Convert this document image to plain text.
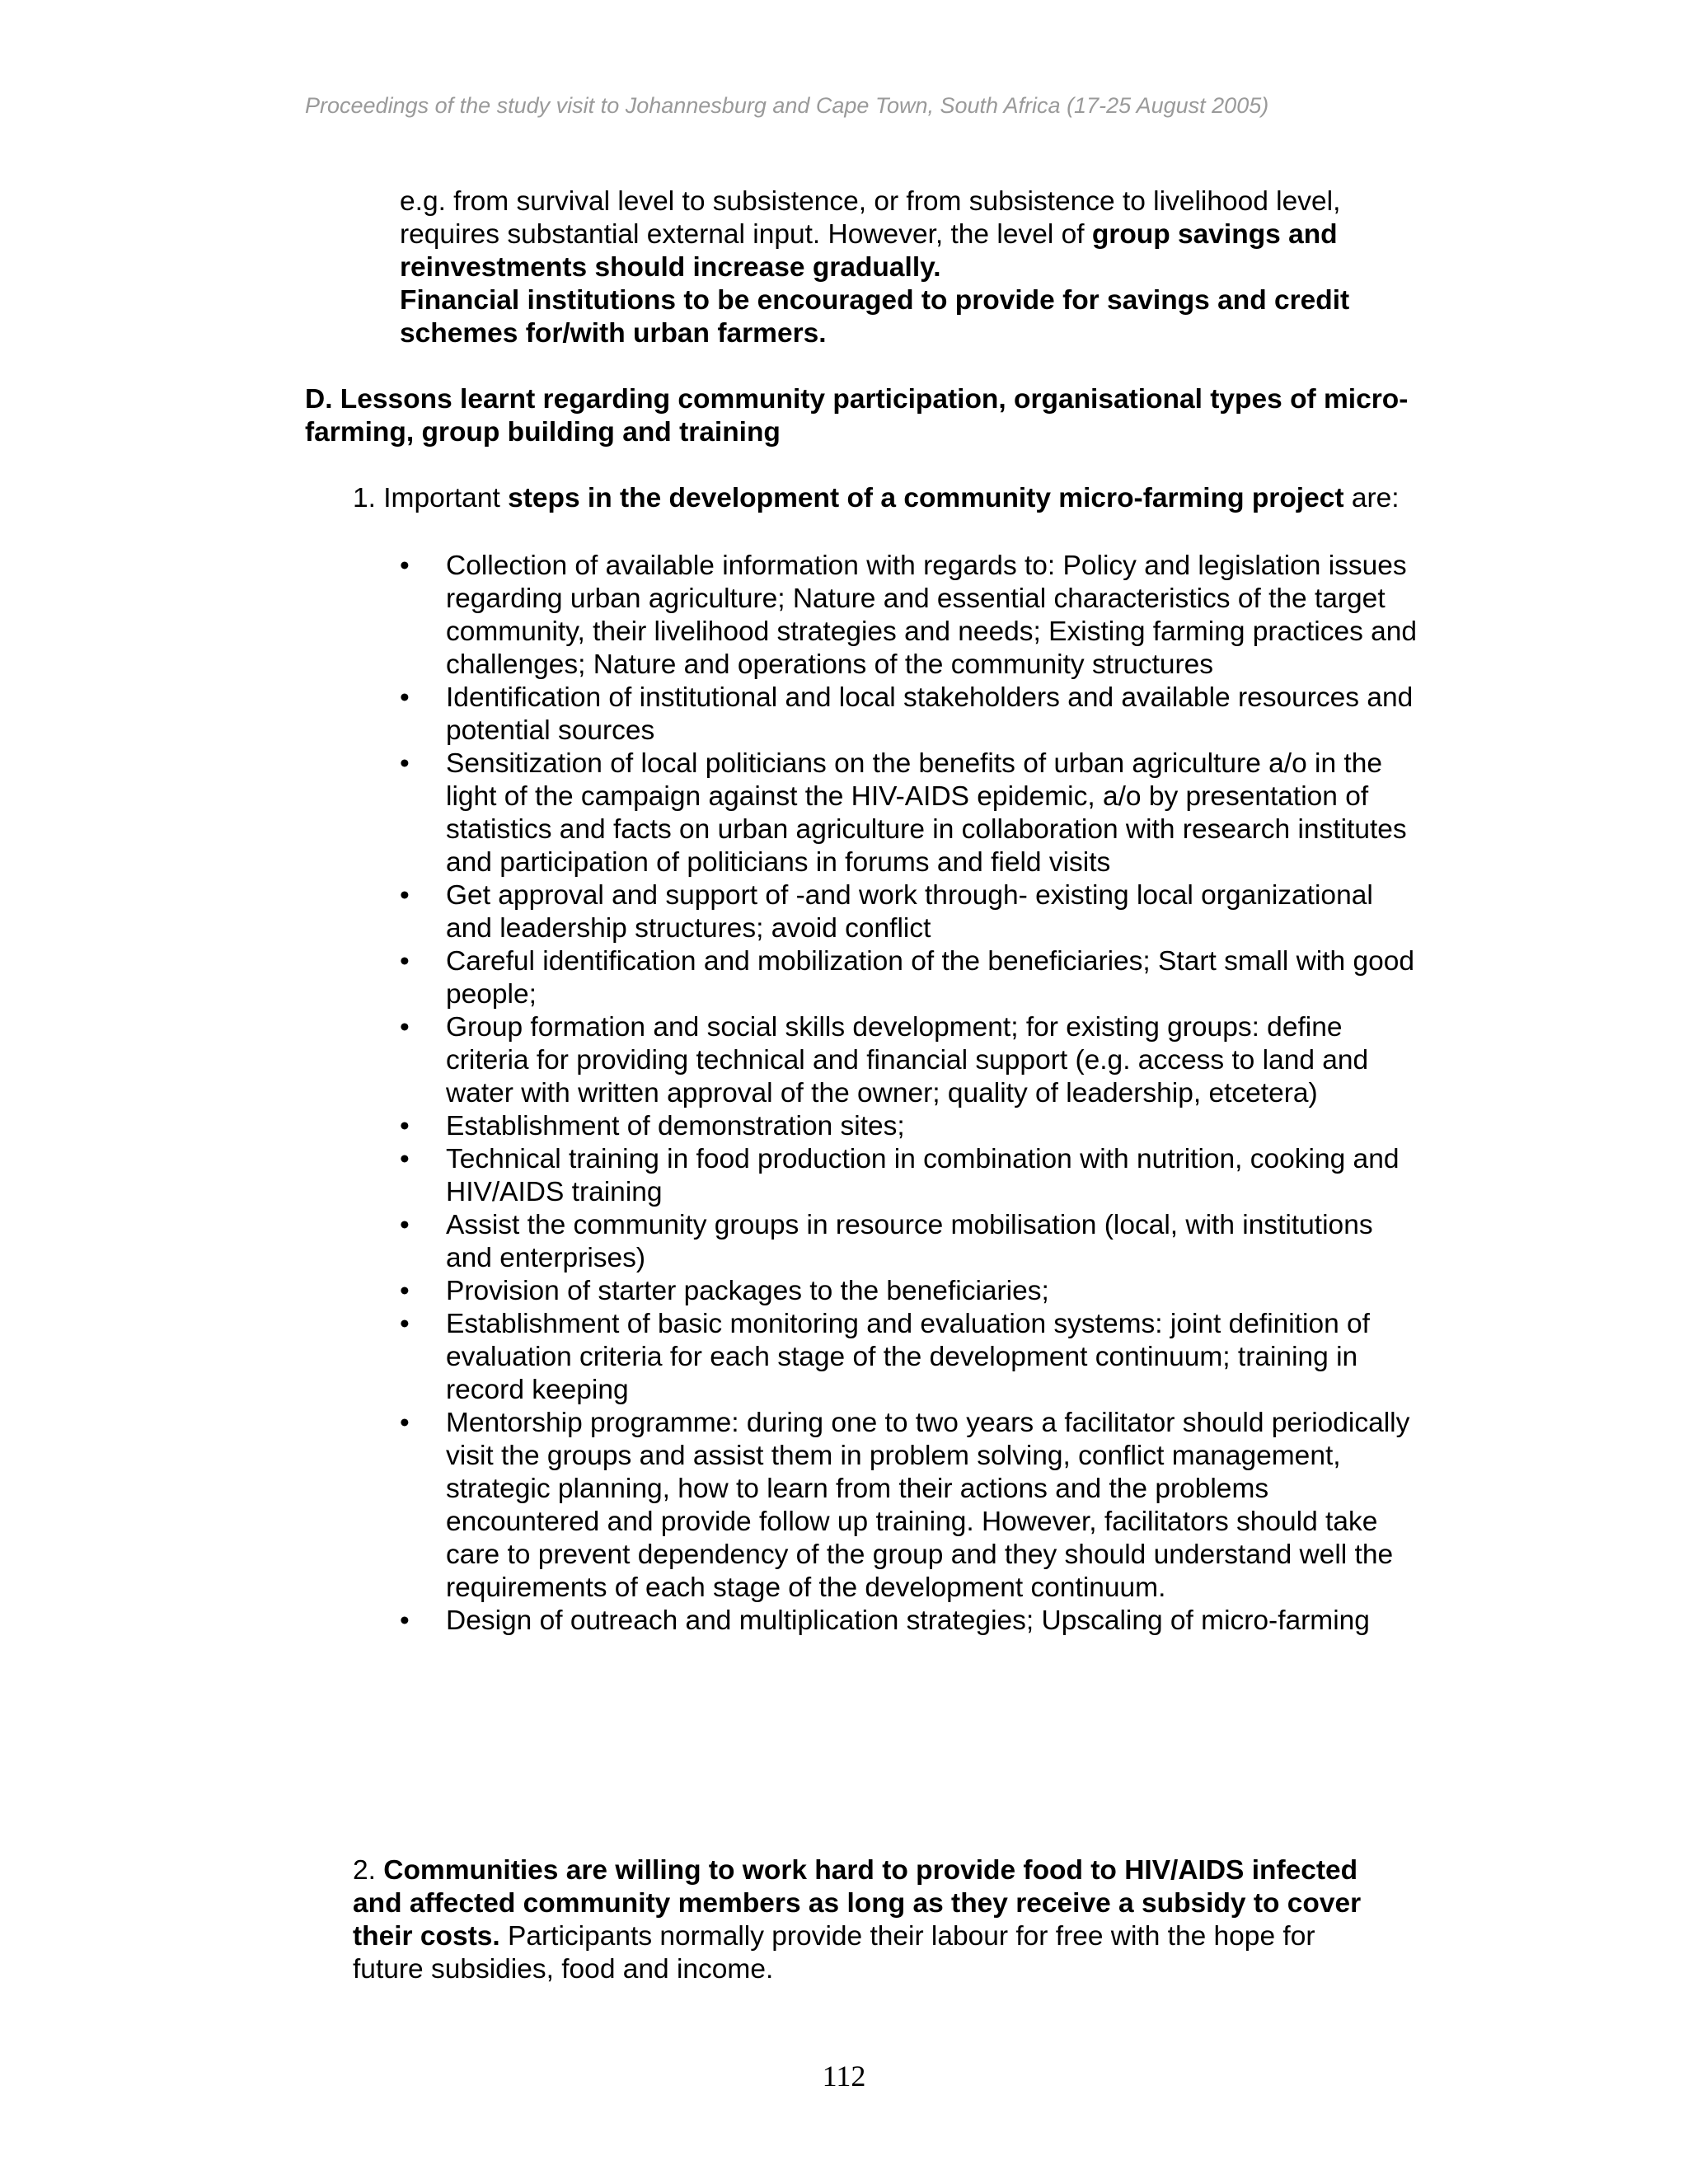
Proceedings of the study visit to Johannesburg and Cape Town, South Africa (17-25 August 2005)

e.g. from survival level to subsistence, or from subsistence to livelihood level, requires substantial external input. However, the level of group savings and reinvestments should increase gradually.

Financial institutions to be encouraged to provide for savings and credit schemes for/with urban farmers.

D. Lessons learnt regarding community participation, organisational types of micro-farming, group building and training

1. Important steps in the development of a community micro-farming project are:

•	Collection of available information with regards to: Policy and legislation issues regarding urban agriculture; Nature and essential characteristics of the target community, their livelihood strategies and needs; Existing farming practices and challenges; Nature and operations of the community structures
•	Identification of institutional and local stakeholders and available resources and potential sources
•	Sensitization of local politicians on the benefits of urban agriculture a/o in the light of the campaign against the HIV-AIDS epidemic, a/o by presentation of statistics and facts on urban agriculture in collaboration with research institutes and participation of politicians in forums and field visits
•	Get approval and support of -and work through- existing local organizational and leadership structures; avoid conflict
•	Careful identification and mobilization of the beneficiaries; Start small with good people;
•	Group formation and social skills development; for existing groups: define criteria for providing technical and financial support (e.g. access to land and water with written approval of the owner; quality of leadership, etcetera)
•	Establishment of demonstration sites;
•	Technical training in food production in combination with nutrition, cooking and HIV/AIDS training
•	Assist the community groups in resource mobilisation (local, with institutions and enterprises)
•	Provision of starter packages to the beneficiaries;
•	Establishment of basic monitoring and evaluation systems: joint definition of evaluation criteria for each stage of the development continuum; training in record keeping
•	Mentorship programme: during one to two years a facilitator should periodically visit the groups and assist them in problem solving, conflict management, strategic planning, how to learn from their actions and the problems encountered and provide follow up training. However, facilitators should take care to prevent dependency of the group and they should understand well the requirements of each stage of the development continuum.
•	Design of outreach and multiplication strategies; Upscaling of micro-farming

2. Communities are willing to work hard to provide food to HIV/AIDS infected and affected community members as long as they receive a subsidy to cover their costs. Participants normally provide their labour for free with the hope for future subsidies, food and income.

112
